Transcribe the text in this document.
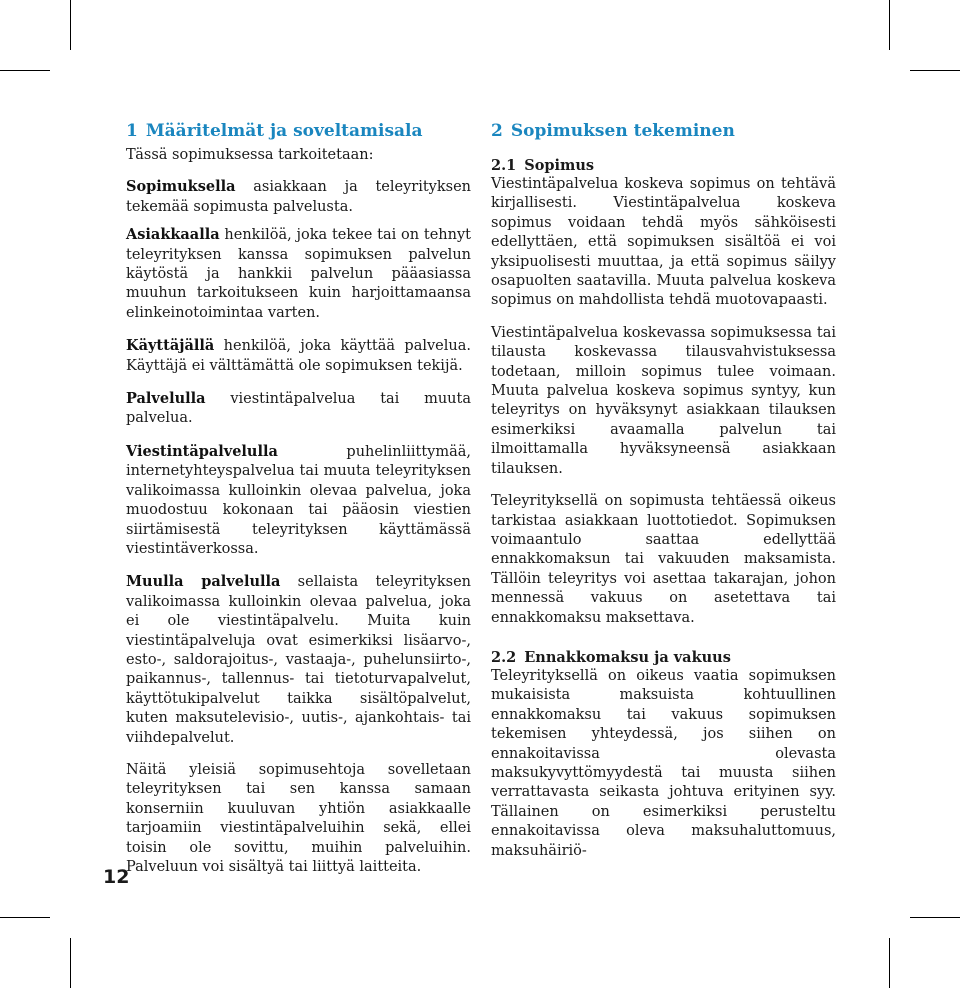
1 Määritelmät ja soveltamisala

Tässä sopimuksessa tarkoitetaan:

Sopimuksella asiakkaan ja teleyrityksen tekemää sopimusta palvelusta.

Asiakkaalla henkilöä, joka tekee tai on tehnyt teleyrityksen kanssa sopimuksen palvelun käytöstä ja hankkii palvelun pääasiassa muuhun tarkoitukseen kuin harjoittamaansa elinkeinotoimintaa varten.

Käyttäjällä henkilöä, joka käyttää palvelua. Käyttäjä ei välttämättä ole sopimuksen tekijä.

Palvelulla viestintäpalvelua tai muuta palvelua.

Viestintäpalvelulla puhelinliittymää, internetyhteyspalvelua tai muuta teleyrityksen valikoimassa kulloinkin olevaa palvelua, joka muodostuu kokonaan tai pääosin viestien siirtämisestä teleyrityksen käyttämässä viestintäverkossa.

Muulla palvelulla sellaista teleyrityksen valikoimassa kulloinkin olevaa palvelua, joka ei ole viestintäpalvelu. Muita kuin viestintäpalveluja ovat esimerkiksi lisäarvo-, esto-, saldorajoitus-, vastaaja-, puhelunsiirto-, paikannus-, tallennus- tai tietoturvapalvelut, käyttötukipalvelut taikka sisältöpalvelut, kuten maksutelevisio-, uutis-, ajankohtais- tai viihdepalvelut.

Näitä yleisiä sopimusehtoja sovelletaan teleyrityksen tai sen kanssa samaan konserniin kuuluvan yhtiön asiakkaalle tarjoamiin viestintäpalveluihin sekä, ellei toisin ole sovittu, muihin palveluihin. Palveluun voi sisältyä tai liittyä laitteita.

2 Sopimuksen tekeminen
2.1 Sopimus

Viestintäpalvelua koskeva sopimus on tehtävä kirjallisesti. Viestintäpalvelua koskeva sopimus voidaan tehdä myös sähköisesti edellyttäen, että sopimuksen sisältöä ei voi yksipuolisesti muuttaa, ja että sopimus säilyy osapuolten saatavilla. Muuta palvelua koskeva sopimus on mahdollista tehdä muotovapaasti.

Viestintäpalvelua koskevassa sopimuksessa tai tilausta koskevassa tilausvahvistuksessa todetaan, milloin sopimus tulee voimaan. Muuta palvelua koskeva sopimus syntyy, kun teleyritys on hyväksynyt asiakkaan tilauksen esimerkiksi avaamalla palvelun tai ilmoittamalla hyväksyneensä asiakkaan tilauksen.

Teleyrityksellä on sopimusta tehtäessä oikeus tarkistaa asiakkaan luottotiedot. Sopimuksen voimaantulo saattaa edellyttää ennakkomaksun tai vakuuden maksamista. Tällöin teleyritys voi asettaa takarajan, johon mennessä vakuus on asetettava tai ennakkomaksu maksettava.

2.2 Ennakkomaksu ja vakuus

Teleyrityksellä on oikeus vaatia sopimuksen mukaisista maksuista kohtuullinen ennakkomaksu tai vakuus sopimuksen tekemisen yhteydessä, jos siihen on ennakoitavissa olevasta maksukyvyttömyydestä tai muusta siihen verrattavasta seikasta johtuva erityinen syy. Tällainen on esimerkiksi perusteltu ennakoitavissa oleva maksuhaluttomuus, maksuhäiriö-

12
